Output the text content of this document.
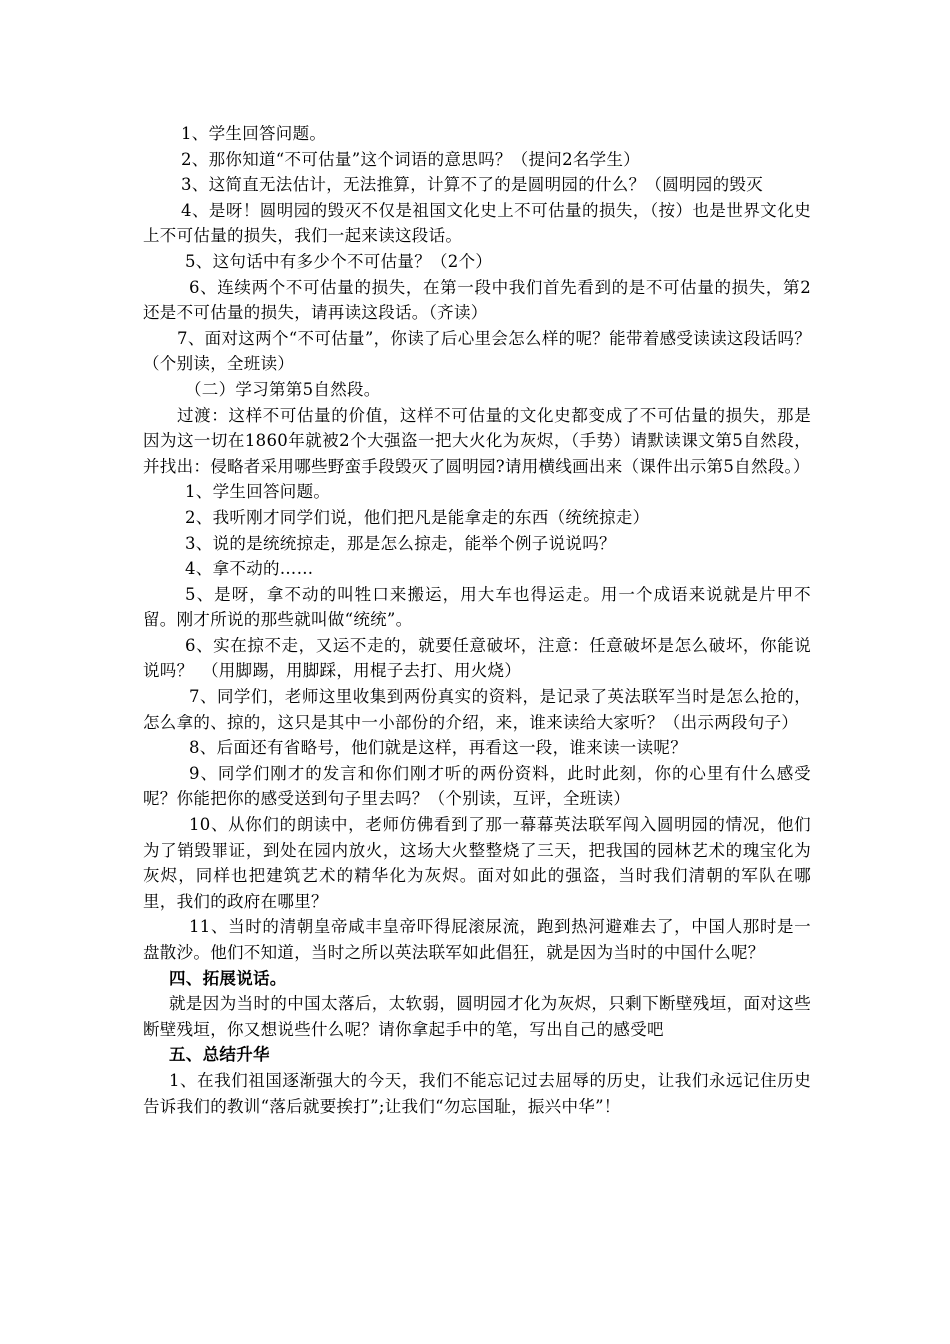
1、学生回答问题。

2、那你知道“不可估量”这个词语的意思吗？（提问2名学生）

3、这简直无法估计，无法推算，计算不了的是圆明园的什么？（圆明园的毁灭

4、是呀！圆明园的毁灭不仅是祖国文化史上不可估量的损失，（按）也是世界文化史上不可估量的损失，我们一起来读这段话。

5、这句话中有多少个不可估量？（2个）

6、连续两个不可估量的损失，在第一段中我们首先看到的是不可估量的损失，第2还是不可估量的损失，请再读这段话。（齐读）

7、面对这两个“不可估量”，你读了后心里会怎么样的呢？能带着感受读读这段话吗？（个别读，全班读）

（二）学习第第5自然段。

过渡：这样不可估量的价值，这样不可估量的文化史都变成了不可估量的损失，那是因为这一切在1860年就被2个大强盗一把大火化为灰烬，（手势）请默读课文第5自然段，并找出：侵略者采用哪些野蛮手段毁灭了圆明园?请用横线画出来（课件出示第5自然段。）

1、学生回答问题。

2、我听刚才同学们说，他们把凡是能拿走的东西（统统掠走）

3、说的是统统掠走，那是怎么掠走，能举个例子说说吗？

4、拿不动的……

5、是呀，拿不动的叫牲口来搬运，用大车也得运走。用一个成语来说就是片甲不留。刚才所说的那些就叫做“统统”。

6、实在掠不走，又运不走的，就要任意破坏，注意：任意破坏是怎么破坏，你能说说吗？　（用脚踢，用脚踩，用棍子去打、用火烧）

7、同学们，老师这里收集到两份真实的资料，是记录了英法联军当时是怎么抢的，怎么拿的、掠的，这只是其中一小部份的介绍，来，谁来读给大家听？（出示两段句子）

8、后面还有省略号，他们就是这样，再看这一段，谁来读一读呢？

9、同学们刚才的发言和你们刚才听的两份资料，此时此刻，你的心里有什么感受呢？你能把你的感受送到句子里去吗？（个别读，互评，全班读）

10、从你们的朗读中，老师仿佛看到了那一幕幕英法联军闯入圆明园的情况，他们为了销毁罪证，到处在园内放火，这场大火整整烧了三天，把我国的园林艺术的瑰宝化为灰烬，同样也把建筑艺术的精华化为灰烬。面对如此的强盗，当时我们清朝的军队在哪里，我们的政府在哪里？

11、当时的清朝皇帝咸丰皇帝吓得屁滚尿流，跑到热河避难去了，中国人那时是一盘散沙。他们不知道，当时之所以英法联军如此倡狂，就是因为当时的中国什么呢？

四、拓展说话。

就是因为当时的中国太落后，太软弱，圆明园才化为灰烬，只剩下断壁残垣，面对这些断壁残垣，你又想说些什么呢？请你拿起手中的笔，写出自己的感受吧

五、总结升华

1、在我们祖国逐渐强大的今天，我们不能忘记过去屈辱的历史，让我们永远记住历史告诉我们的教训“落后就要挨打”;让我们“勿忘国耻，振兴中华”！
